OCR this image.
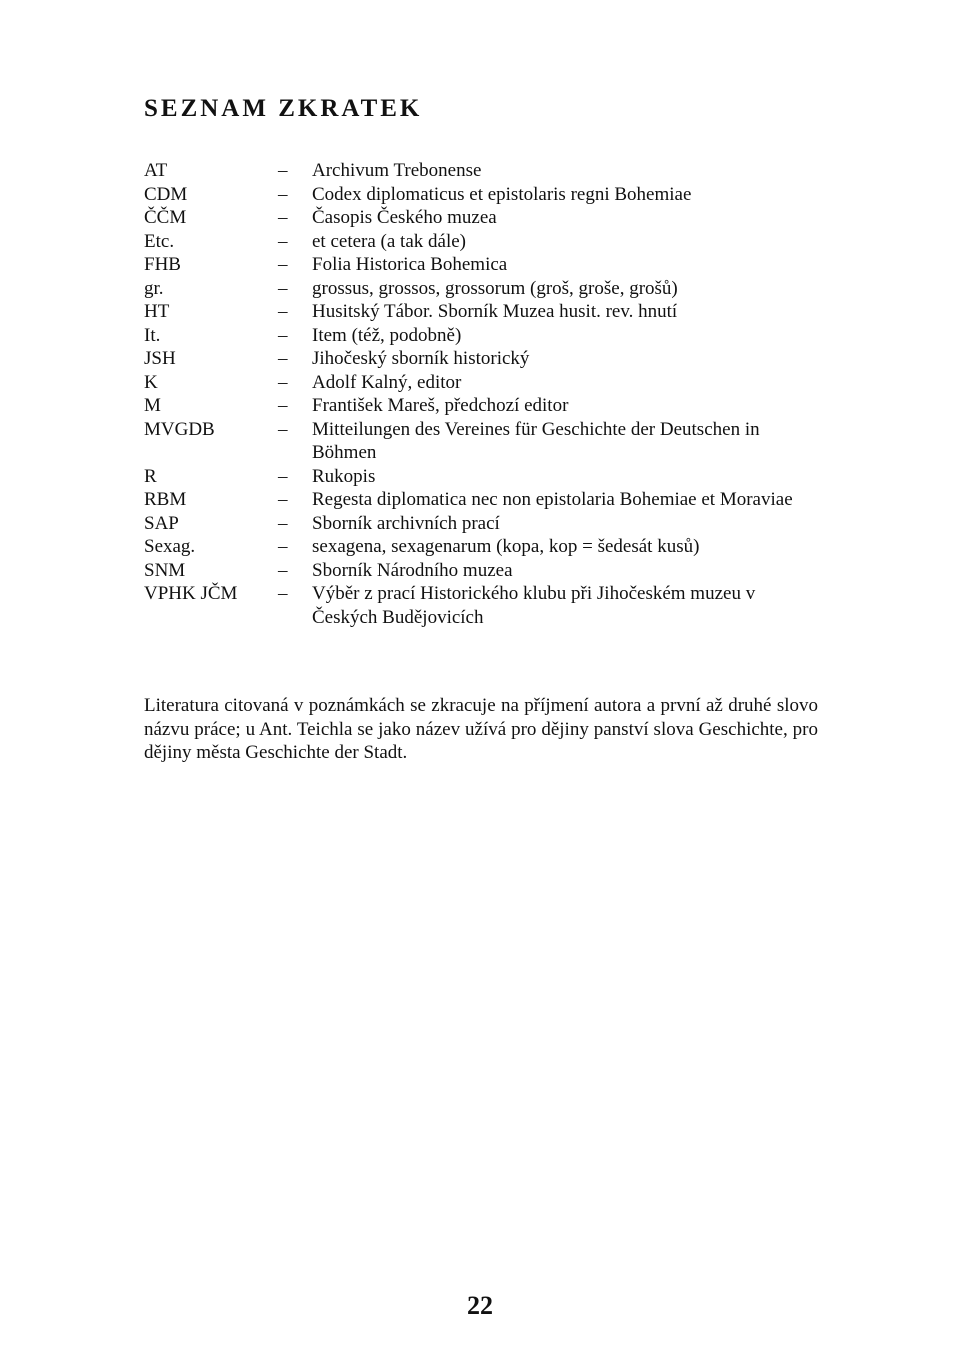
SEZNAM ZKRATEK
AT	–	Archivum Trebonense
CDM	–	Codex diplomaticus et epistolaris regni Bohemiae
ČČM	–	Časopis Českého muzea
Etc.	–	et cetera (a tak dále)
FHB	–	Folia Historica Bohemica
gr.	–	grossus, grossos, grossorum (groš, groše, grošů)
HT	–	Husitský Tábor. Sborník Muzea husit. rev. hnutí
It.	–	Item (též, podobně)
JSH	–	Jihočeský sborník historický
K	–	Adolf Kalný, editor
M	–	František Mareš, předchozí editor
MVGDB	–	Mitteilungen des Vereines für Geschichte der Deutschen in Böhmen
R	–	Rukopis
RBM	–	Regesta diplomatica nec non epistolaria Bohemiae et Moraviae
SAP	–	Sborník archivních prací
Sexag.	–	sexagena, sexagenarum (kopa, kop = šedesát kusů)
SNM	–	Sborník Národního muzea
VPHK JČM	–	Výběr z prací Historického klubu při Jihočeském muzeu v Českých Budějovicích

Literatura citovaná v poznámkách se zkracuje na příjmení autora a první až druhé slovo názvu práce; u Ant. Teichla se jako název užívá pro dějiny panství slova Geschichte, pro dějiny města Geschichte der Stadt.

22
